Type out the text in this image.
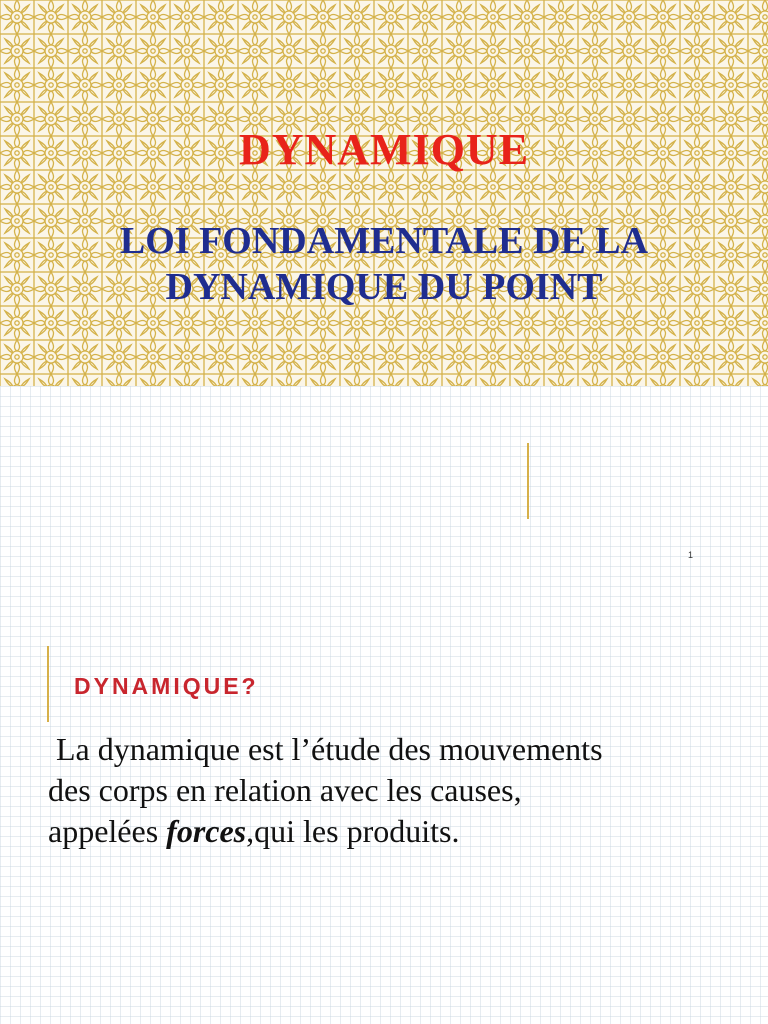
DYNAMIQUE
LOI FONDAMENTALE DE LA
DYNAMIQUE DU POINT
1
DYNAMIQUE?

La dynamique est l’étude des mouvements
des corps en relation avec les causes,
appelées forces,qui les produits.
